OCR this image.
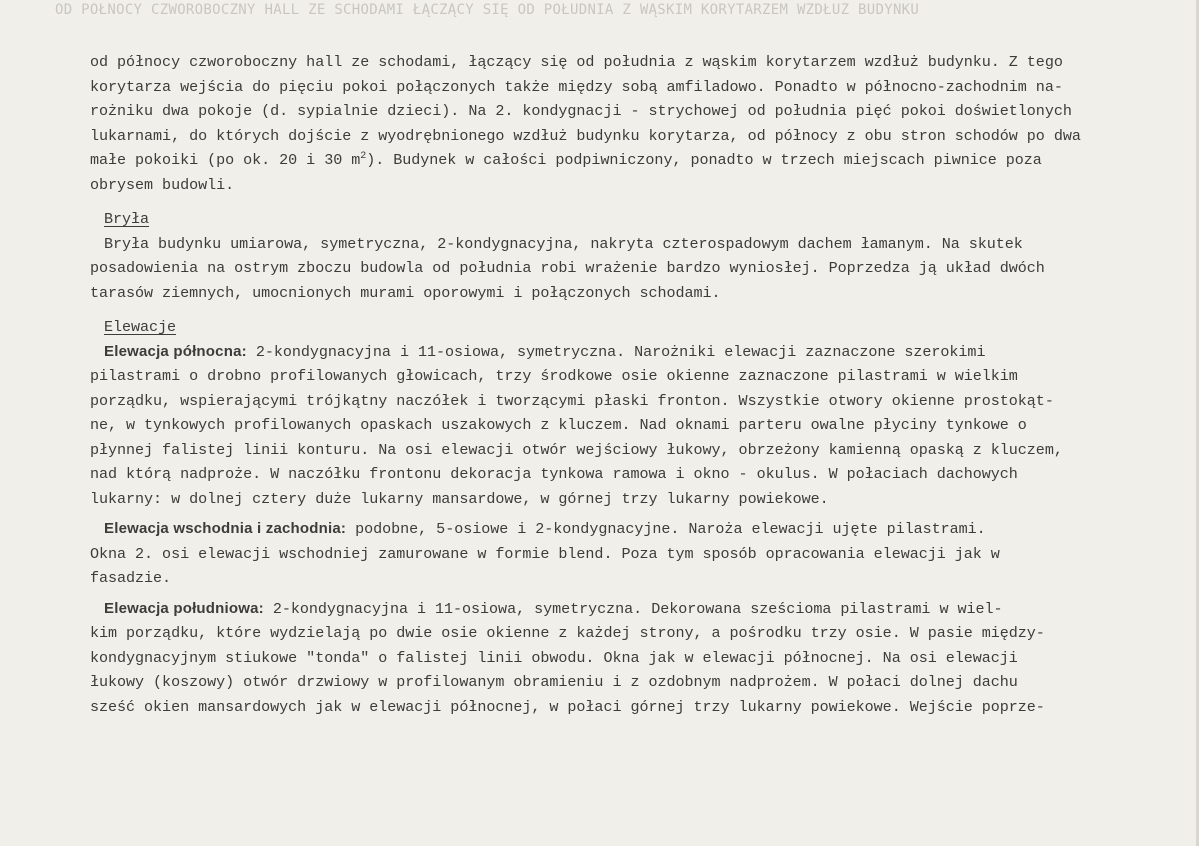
OD PÓŁNOCY CZWOROBOCZNY HALL ZE SCHODAMI ŁĄCZĄCY SIĘ OD POŁUDNIA Z WĄSKIM KORYTARZEM WZDŁUŻ BUDYNKU
od północy czworoboczny hall ze schodami, łączący się od południa z wąskim korytarzem wzdłuż budynku. Z tego
korytarza wejścia do pięciu pokoi połączonych także między sobą amfiladowo. Ponadto w północno-zachodnim na-
rożniku dwa pokoje (d. sypialnie dzieci). Na 2. kondygnacji - strychowej od południa pięć pokoi doświetlonych
lukarnami, do których dojście z wyodrębnionego wzdłuż budynku korytarza, od północy z obu stron schodów po dwa
małe pokoiki (po ok. 20 i 30 $m^2$). Budynek w całości podpiwniczony, ponadto w trzech miejscach piwnice poza
obrysem budowli.
Bryła
Bryła budynku umiarowa, symetryczna, 2-kondygnacyjna, nakryta czterospadowym dachem łamanym. Na skutek
posadowienia na ostrym zboczu budowla od południa robi wrażenie bardzo wyniosłej. Poprzedza ją układ dwóch
tarasów ziemnych, umocnionych murami oporowymi i połączonych schodami.
Elewacje
Elewacja północna: 2-kondygnacyjna i 11-osiowa, symetryczna. Narożniki elewacji zaznaczone szerokimi
pilastrami o drobno profilowanych głowicach, trzy środkowe osie okienne zaznaczone pilastrami w wielkim
porządku, wspierającymi trójkątny naczółek i tworzącymi płaski fronton. Wszystkie otwory okienne prostokąt-
ne, w tynkowych profilowanych opaskach uszakowych z kluczem. Nad oknami parteru owalne płyciny tynkowe o
płynnej falistej linii konturu. Na osi elewacji otwór wejściowy łukowy, obrzeżony kamienną opaską z kluczem,
nad którą nadproże. W naczółku frontonu dekoracja tynkowa ramowa i okno - okulus. W połaciach dachowych
lukarny: w dolnej cztery duże lukarny mansardowe, w górnej trzy lukarny powiekowe.
Elewacja wschodnia i zachodnia: podobne, 5-osiowe i 2-kondygnacyjne. Naroża elewacji ujęte pilastrami.
Okna 2. osi elewacji wschodniej zamurowane w formie blend. Poza tym sposób opracowania elewacji jak w
fasadzie.
Elewacja południowa: 2-kondygnacyjna i 11-osiowa, symetryczna. Dekorowana sześcioma pilastrami w wiel-
kim porządku, które wydzielają po dwie osie okienne z każdej strony, a pośrodku trzy osie. W pasie między-
kondygnacyjnym stiukowe "tonda" o falistej linii obwodu. Okna jak w elewacji północnej. Na osi elewacji
łukowy (koszowy) otwór drzwiowy w profilowanym obramieniu i z ozdobnym nadprożem. W połaci dolnej dachu
sześć okien mansardowych jak w elewacji północnej, w połaci górnej trzy lukarny powiekowe. Wejście poprze-
